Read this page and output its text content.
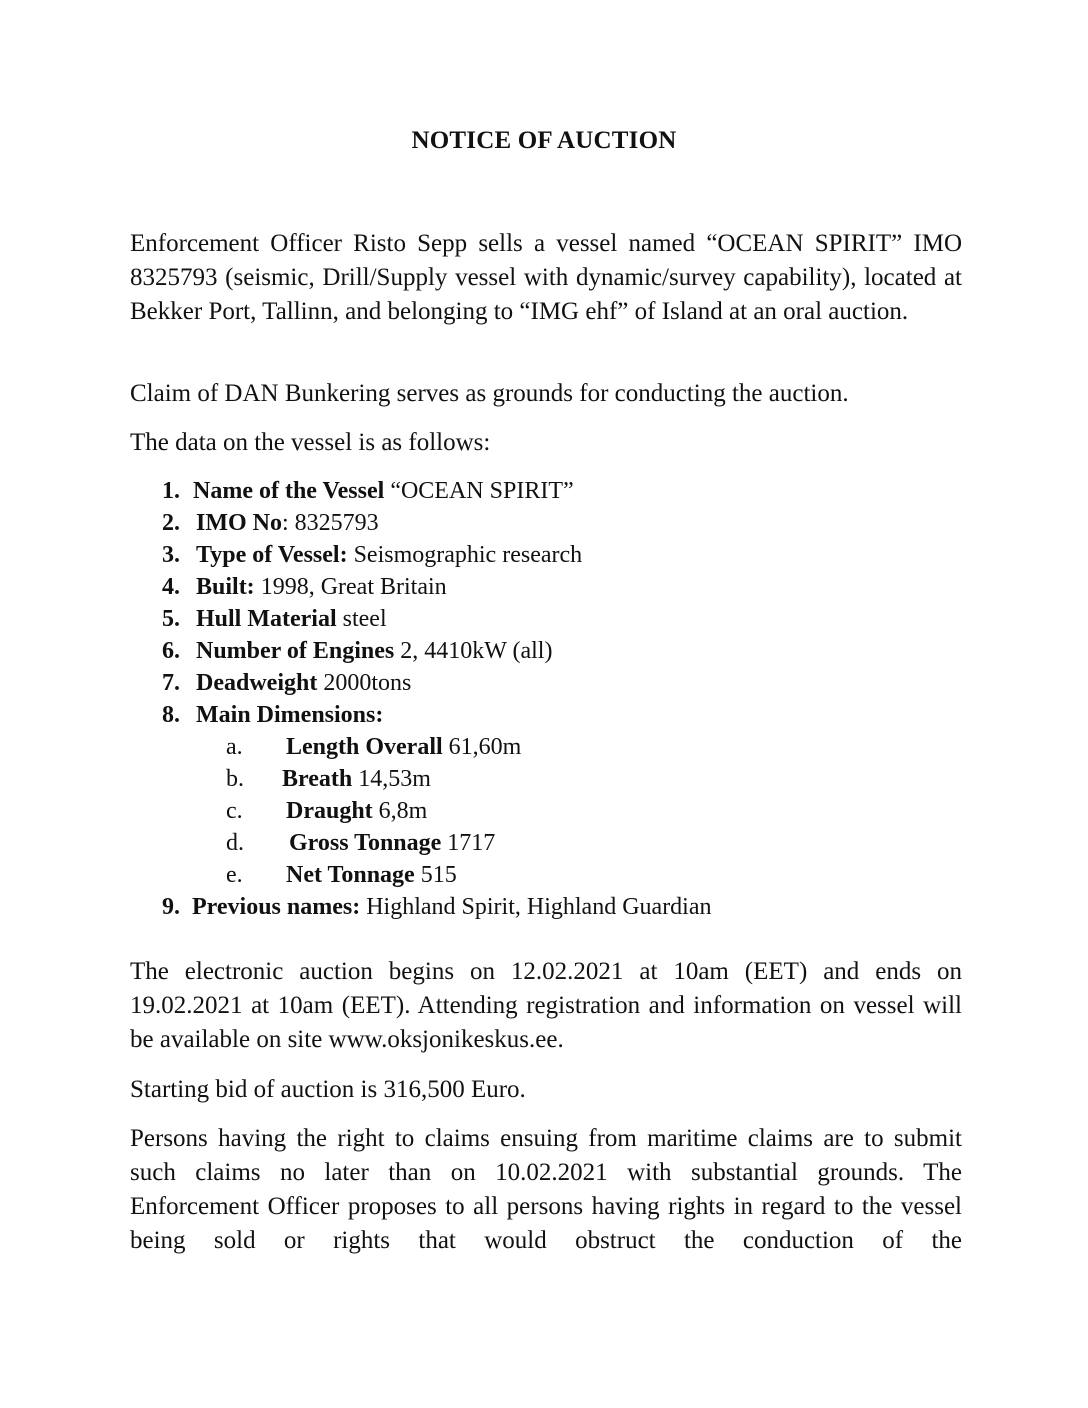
NOTICE OF AUCTION
Enforcement Officer Risto Sepp sells a vessel named “OCEAN SPIRIT” IMO 8325793 (seismic, Drill/Supply vessel with dynamic/survey capability), located at Bekker Port, Tallinn, and belonging to “IMG ehf” of Island at an oral auction.
Claim of DAN Bunkering serves as grounds for conducting the auction.
The data on the vessel is as follows:
1. Name of the Vessel “OCEAN SPIRIT”
2. IMO No: 8325793
3. Type of Vessel: Seismographic research
4. Built: 1998, Great Britain
5. Hull Material steel
6. Number of Engines 2, 4410kW (all)
7. Deadweight 2000tons
8. Main Dimensions:
a. Length Overall 61,60m
b. Breath 14,53m
c. Draught 6,8m
d. Gross Tonnage 1717
e. Net Tonnage 515
9. Previous names: Highland Spirit, Highland Guardian
The electronic auction begins on 12.02.2021 at 10am (EET) and ends on 19.02.2021 at 10am (EET). Attending registration and information on vessel will be available on site www.oksjonikeskus.ee.
Starting bid of auction is 316,500 Euro.
Persons having the right to claims ensuing from maritime claims are to submit such claims no later than on 10.02.2021 with substantial grounds. The Enforcement Officer proposes to all persons having rights in regard to the vessel being sold or rights that would obstruct the conduction of the
